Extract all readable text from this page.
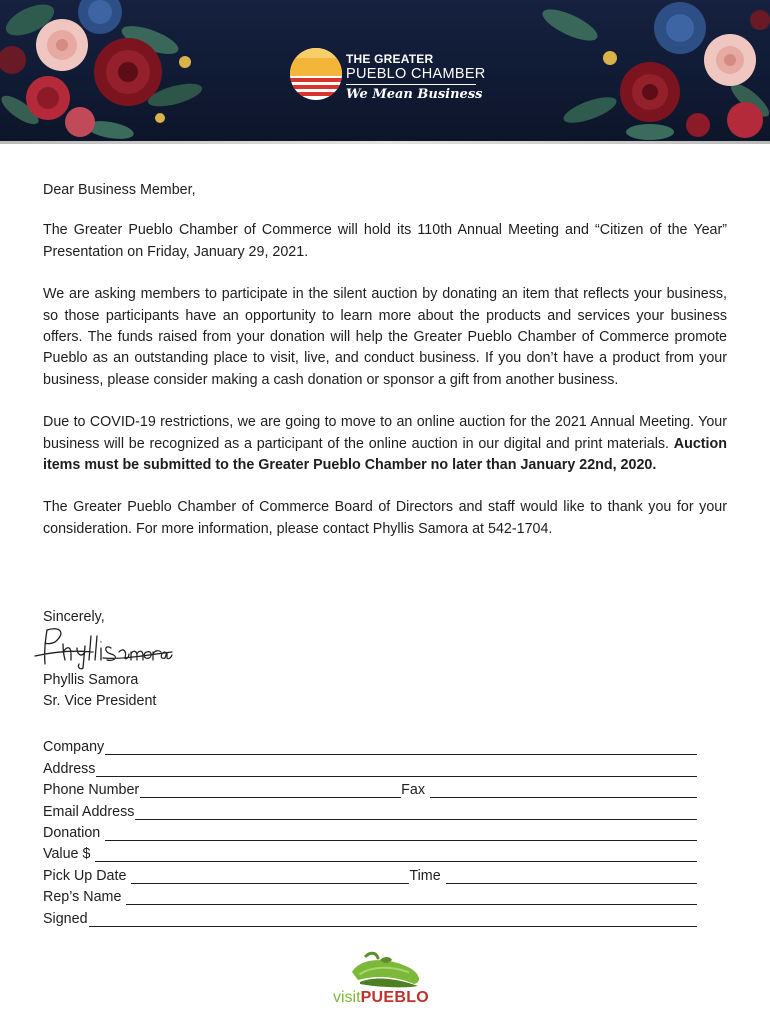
THE GREATER
PUEBLO CHAMBER
We Mean Business

Dear Business Member,

The Greater Pueblo Chamber of Commerce will hold its 110th Annual Meeting and “Citizen of the Year” Presentation on Friday, January 29, 2021.

We are asking members to participate in the silent auction by donating an item that reflects your business, so those participants have an opportunity to learn more about the products and services your business offers. The funds raised from your donation will help the Greater Pueblo Chamber of Commerce promote Pueblo as an outstanding place to visit, live, and conduct business. If you don’t have a product from your business, please consider making a cash donation or sponsor a gift from another business.

Due to COVID-19 restrictions, we are going to move to an online auction for the 2021 Annual Meeting. Your business will be recognized as a participant of the online auction in our digital and print materials. Auction items must be submitted to the Greater Pueblo Chamber no later than January 22nd, 2020.

The Greater Pueblo Chamber of Commerce Board of Directors and staff would like to thank you for your consideration. For more information, please contact Phyllis Samora at 542-1704.

Sincerely,
Phyllis Samora
Sr. Vice President
Company
Address
Phone Number	Fax
Email Address
Donation
Value $
Pick Up Date	Time
Rep’s Name
Signed
visitPUEBLO
